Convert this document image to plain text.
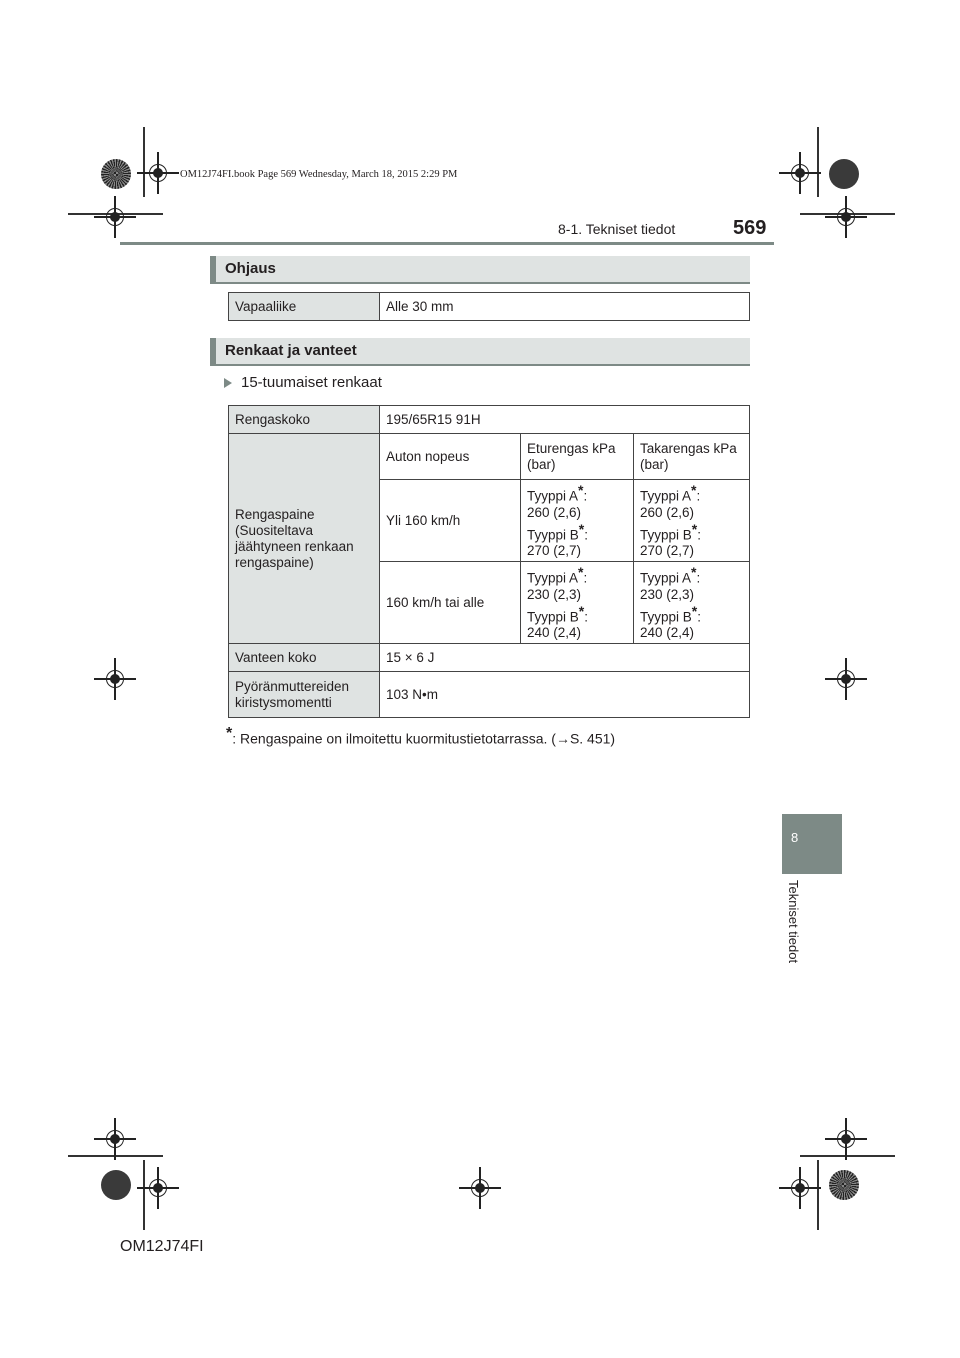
OM12J74FI.book Page 569 Wednesday, March 18, 2015 2:29 PM
8-1. Tekniset tiedot	569
Ohjaus
Vapaaliike	Alle 30 mm
Renkaat ja vanteet
15-tuumaiset renkaat
Rengaskoko	195/65R15 91H		
Rengaspaine (Suositeltava jäähtyneen renkaan rengaspaine)	Auton nopeus	Eturengas kPa (bar)	Takarengas kPa (bar)
	Yli 160 km/h	Tyyppi A*:
260 (2,6)
Tyyppi B*:
270 (2,7)	Tyyppi A*:
260 (2,6)
Tyyppi B*:
270 (2,7)
	160 km/h tai alle	Tyyppi A*:
230 (2,3)
Tyyppi B*:
240 (2,4)	Tyyppi A*:
230 (2,3)
Tyyppi B*:
240 (2,4)
Vanteen koko	15 × 6 J		
Pyöränmuttereiden kiristysmomentti	103 N•m		
*: Rengaspaine on ilmoitettu kuormitustietotarrassa. (→S. 451)
8
Tekniset tiedot
OM12J74FI
